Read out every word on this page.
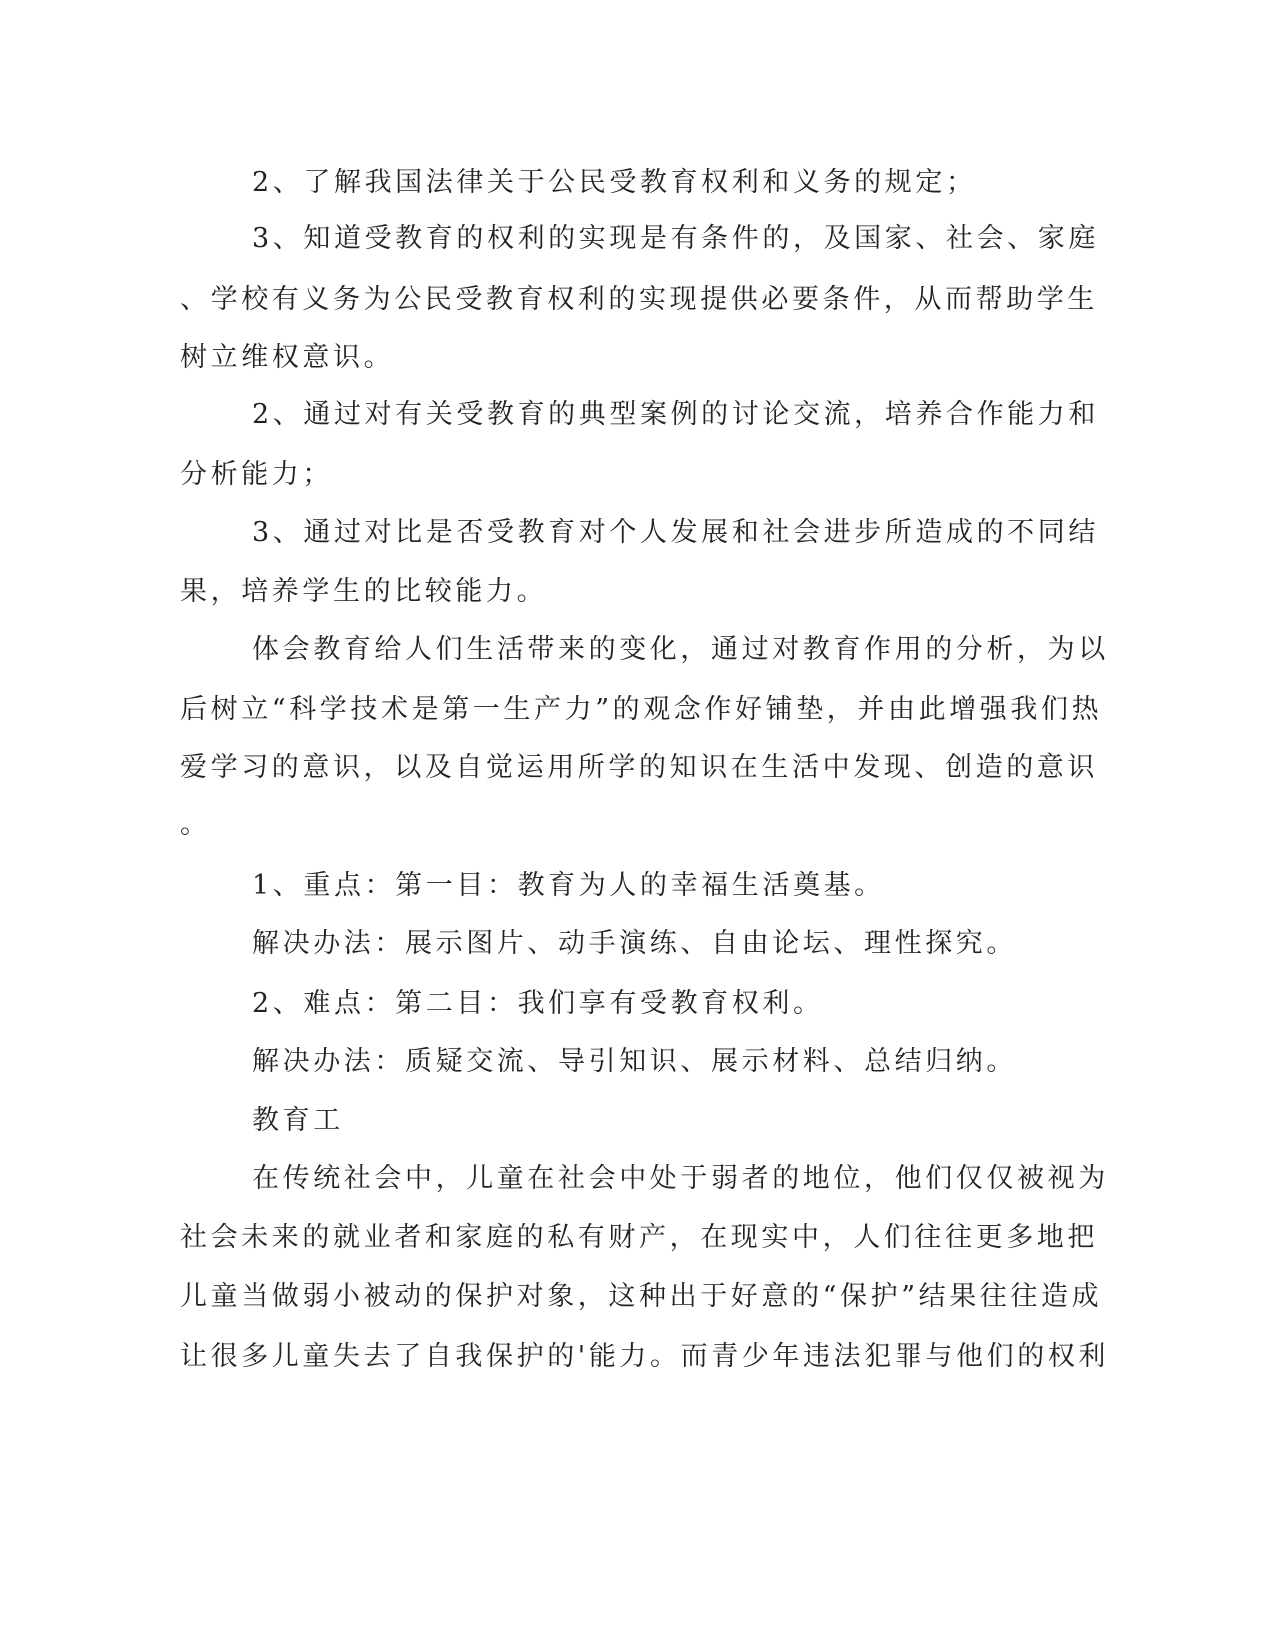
2、了解我国法律关于公民受教育权利和义务的规定；
3、知道受教育的权利的实现是有条件的，及国家、社会、家庭
、学校有义务为公民受教育权利的实现提供必要条件，从而帮助学生
树立维权意识。
2、通过对有关受教育的典型案例的讨论交流，培养合作能力和
分析能力；
3、通过对比是否受教育对个人发展和社会进步所造成的不同结
果，培养学生的比较能力。
体会教育给人们生活带来的变化，通过对教育作用的分析，为以
后树立“科学技术是第一生产力”的观念作好铺垫，并由此增强我们热
爱学习的意识，以及自觉运用所学的知识在生活中发现、创造的意识
。
1、重点：第一目：教育为人的幸福生活奠基。
解决办法：展示图片、动手演练、自由论坛、理性探究。
2、难点：第二目：我们享有受教育权利。
解决办法：质疑交流、导引知识、展示材料、总结归纳。
教育工
在传统社会中，儿童在社会中处于弱者的地位，他们仅仅被视为
社会未来的就业者和家庭的私有财产，在现实中，人们往往更多地把
儿童当做弱小被动的保护对象，这种出于好意的“保护”结果往往造成
让很多儿童失去了自我保护的'能力。而青少年违法犯罪与他们的权利
